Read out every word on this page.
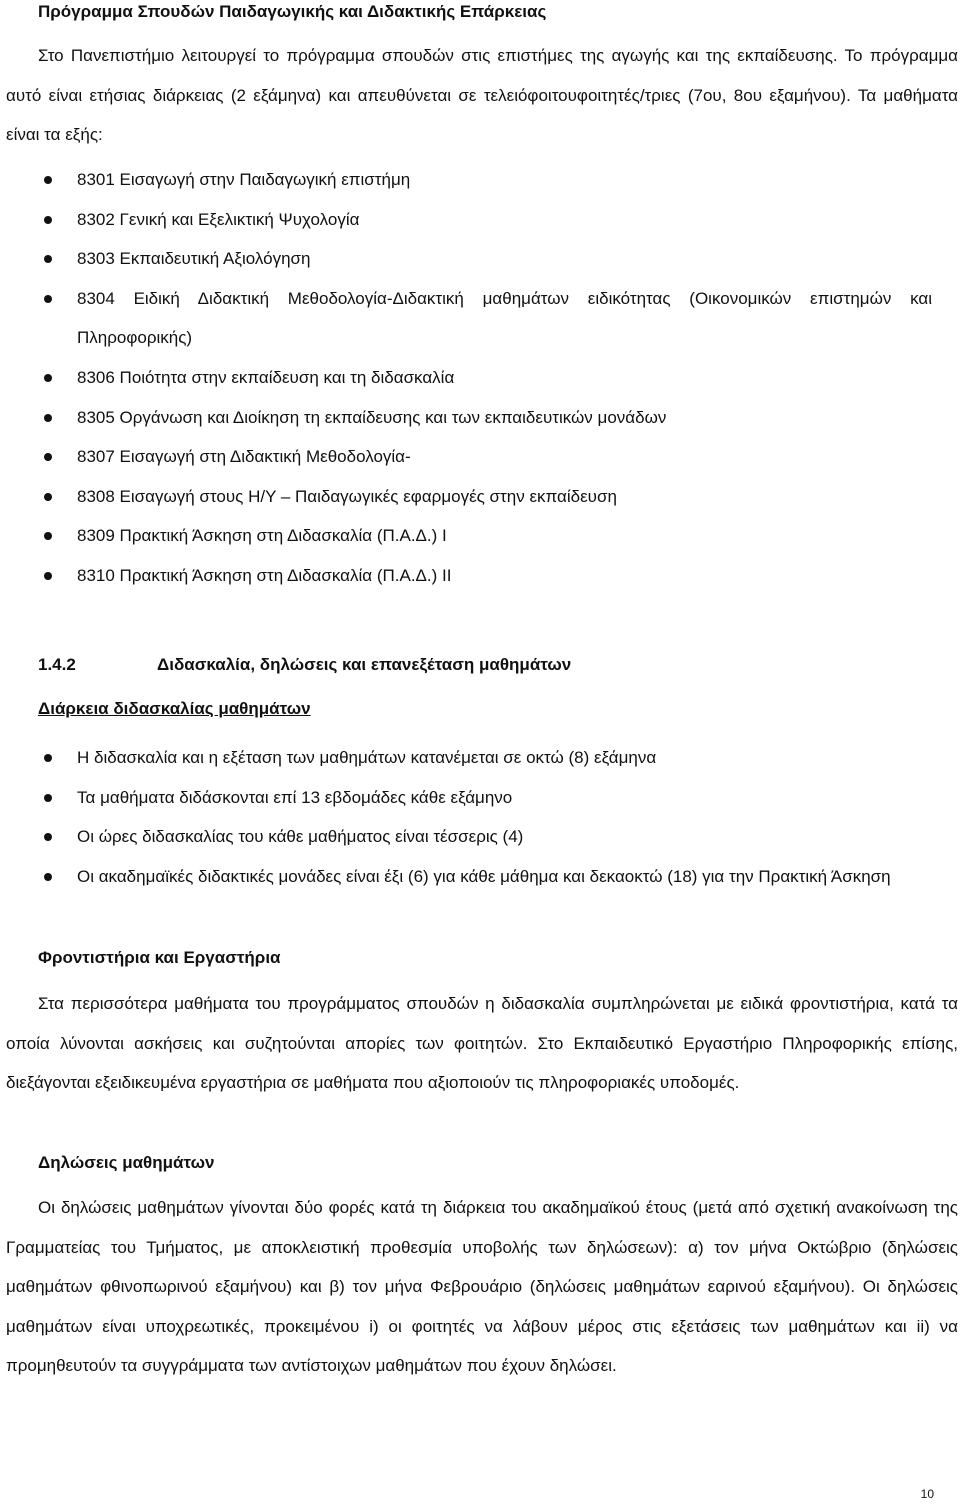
Πρόγραμμα Σπουδών Παιδαγωγικής και Διδακτικής Επάρκειας
Στο Πανεπιστήμιο λειτουργεί το πρόγραμμα σπουδών στις επιστήμες της αγωγής και της εκπαίδευσης. Το πρόγραμμα αυτό είναι ετήσιας διάρκειας (2 εξάμηνα) και απευθύνεται σε τελειόφοιτουφοιτητές/τριες (7ου, 8ου εξαμήνου). Τα μαθήματα είναι τα εξής:
8301 Εισαγωγή στην Παιδαγωγική επιστήμη
8302 Γενική και Εξελικτική Ψυχολογία
8303 Εκπαιδευτική Αξιολόγηση
8304 Ειδική Διδακτική Μεθοδολογία-Διδακτική μαθημάτων ειδικότητας (Οικονομικών επιστημών και Πληροφορικής)
8306 Ποιότητα στην εκπαίδευση και τη διδασκαλία
8305 Οργάνωση και Διοίκηση τη εκπαίδευσης και των εκπαιδευτικών μονάδων
8307 Εισαγωγή στη Διδακτική Μεθοδολογία-
8308 Εισαγωγή στους Η/Υ – Παιδαγωγικές εφαρμογές στην εκπαίδευση
8309 Πρακτική Άσκηση στη Διδασκαλία (Π.Α.Δ.) Ι
8310 Πρακτική Άσκηση στη Διδασκαλία (Π.Α.Δ.) ΙΙ
1.4.2	Διδασκαλία, δηλώσεις και επανεξέταση μαθημάτων
Διάρκεια διδασκαλίας μαθημάτων
Η διδασκαλία και η εξέταση των μαθημάτων κατανέμεται σε οκτώ (8) εξάμηνα
Τα μαθήματα διδάσκονται επί 13 εβδομάδες κάθε εξάμηνο
Οι ώρες διδασκαλίας του κάθε μαθήματος είναι τέσσερις (4)
Οι ακαδημαϊκές διδακτικές μονάδες είναι έξι (6) για κάθε μάθημα και δεκαοκτώ (18) για την Πρακτική Άσκηση
Φροντιστήρια και Εργαστήρια
Στα περισσότερα μαθήματα του προγράμματος σπουδών η διδασκαλία συμπληρώνεται με ειδικά φροντιστήρια, κατά τα οποία λύνονται ασκήσεις και συζητούνται απορίες των φοιτητών. Στο Εκπαιδευτικό Εργαστήριο Πληροφορικής επίσης, διεξάγονται εξειδικευμένα εργαστήρια σε μαθήματα που αξιοποιούν τις πληροφοριακές υποδομές.
Δηλώσεις μαθημάτων
Οι δηλώσεις μαθημάτων γίνονται δύο φορές κατά τη διάρκεια του ακαδημαϊκού έτους (μετά από σχετική ανακοίνωση της Γραμματείας του Τμήματος, με αποκλειστική προθεσμία υποβολής των δηλώσεων): α) τον μήνα Οκτώβριο (δηλώσεις μαθημάτων φθινοπωρινού εξαμήνου) και β) τον μήνα Φεβρουάριο (δηλώσεις μαθημάτων εαρινού εξαμήνου). Οι δηλώσεις μαθημάτων είναι υποχρεωτικές, προκειμένου i) οι φοιτητές να λάβουν μέρος στις εξετάσεις των μαθημάτων και ii) να προμηθευτούν τα συγγράμματα των αντίστοιχων μαθημάτων που έχουν δηλώσει.
10
